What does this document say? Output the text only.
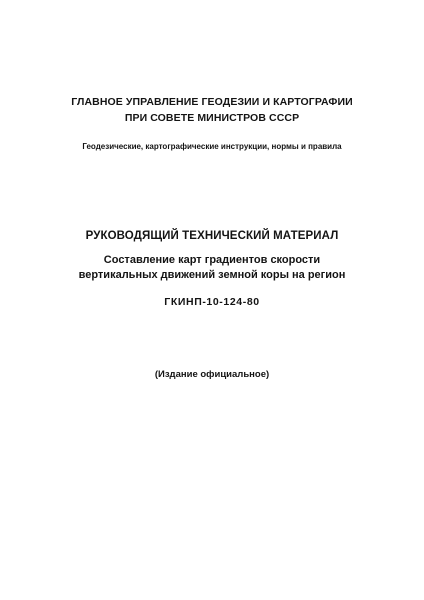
ГЛАВНОЕ УПРАВЛЕНИЕ ГЕОДЕЗИИ И КАРТОГРАФИИ
ПРИ СОВЕТЕ МИНИСТРОВ СССР
Геодезические, картографические инструкции, нормы и правила
РУКОВОДЯЩИЙ ТЕХНИЧЕСКИЙ МАТЕРИАЛ
Составление карт градиентов скорости
вертикальных движений земной коры на регион
ГКИНП-10-124-80
(Издание официальное)
